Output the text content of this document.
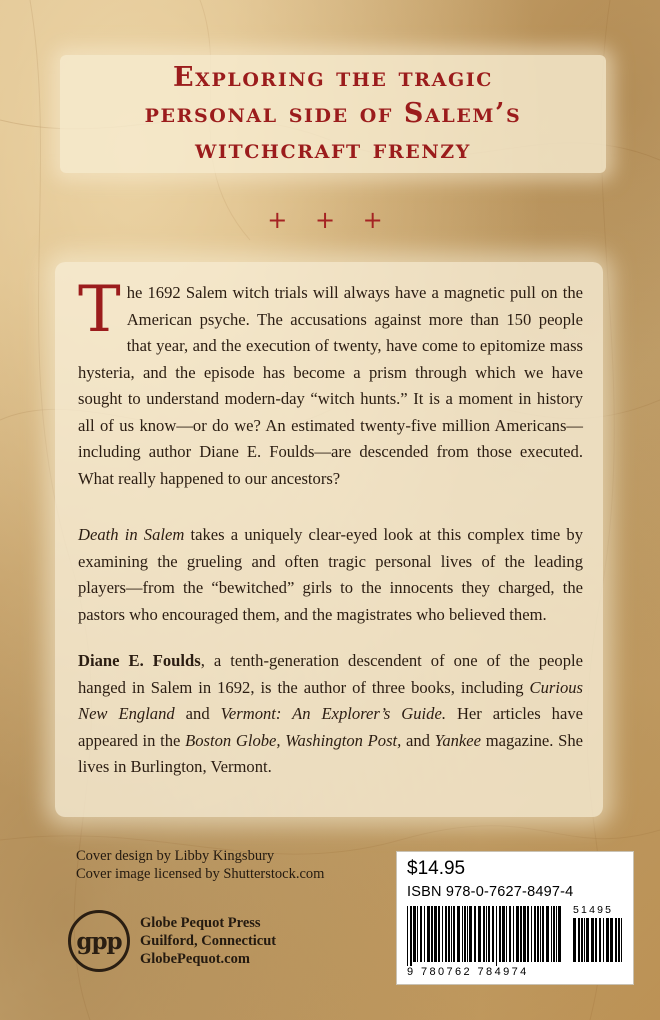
Exploring the tragic
personal side of Salem’s
witchcraft frenzy
+ + +

The 1692 Salem witch trials will always have a magnetic pull on the American psyche. The accusations against more than 150 people that year, and the execution of twenty, have come to epitomize mass hysteria, and the episode has become a prism through which we have sought to understand modern-day “witch hunts.” It is a moment in history all of us know—or do we? An estimated twenty-five million Americans—including author Diane E. Foulds—are descended from those executed. What really happened to our ancestors?

Death in Salem takes a uniquely clear-eyed look at this complex time by examining the grueling and often tragic personal lives of the leading players—from the “bewitched” girls to the innocents they charged, the pastors who encouraged them, and the magistrates who believed them.

Diane E. Foulds, a tenth-generation descendent of one of the people hanged in Salem in 1692, is the author of three books, including Curious New England and Vermont: An Explorer’s Guide. Her articles have appeared in the Boston Globe, Washington Post, and Yankee magazine. She lives in Burlington, Vermont.

Cover design by Libby Kingsbury
Cover image licensed by Shutterstock.com
gpp
Globe Pequot Press
Guilford, Connecticut
GlobePequot.com
$14.95
ISBN 978-0-7627-8497-4
51495
9 780762 784974
